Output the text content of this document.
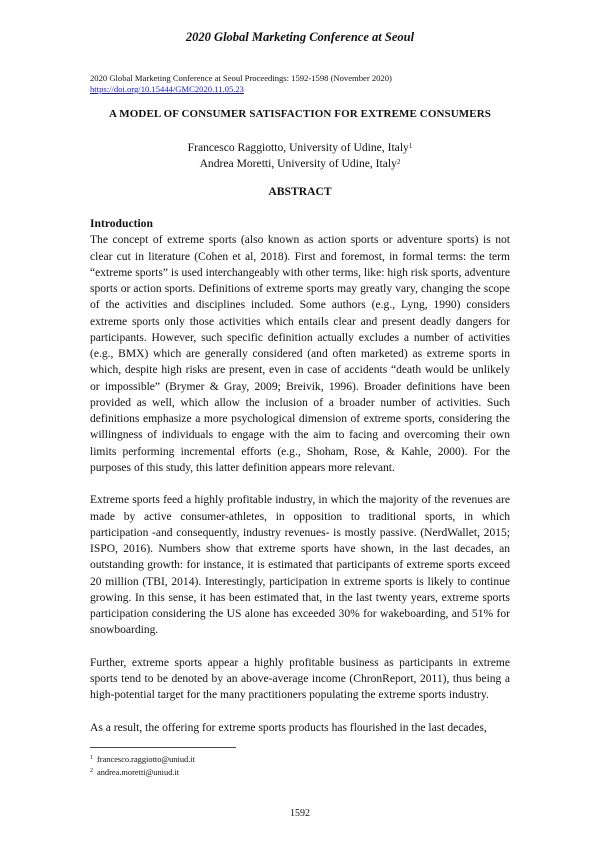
2020 Global Marketing Conference at Seoul
2020 Global Marketing Conference at Seoul Proceedings: 1592-1598 (November 2020)
https://doi.org/10.15444/GMC2020.11.05.23
A MODEL OF CONSUMER SATISFACTION FOR EXTREME CONSUMERS
Francesco Raggiotto, University of Udine, Italy$^1$
Andrea Moretti, University of Udine, Italy$^2$
ABSTRACT
Introduction

The concept of extreme sports (also known as action sports or adventure sports) is not clear cut in literature (Cohen et al, 2018). First and foremost, in formal terms: the term “extreme sports” is used interchangeably with other terms, like: high risk sports, adventure sports or action sports. Definitions of extreme sports may greatly vary, changing the scope of the activities and disciplines included. Some authors (e.g., Lyng, 1990) considers extreme sports only those activities which entails clear and present deadly dangers for participants. However, such specific definition actually excludes a number of activities (e.g., BMX) which are generally considered (and often marketed) as extreme sports in which, despite high risks are present, even in case of accidents “death would be unlikely or impossible” (Brymer & Gray, 2009; Breivik, 1996). Broader definitions have been provided as well, which allow the inclusion of a broader number of activities. Such definitions emphasize a more psychological dimension of extreme sports, considering the willingness of individuals to engage with the aim to facing and overcoming their own limits performing incremental efforts (e.g., Shoham, Rose, & Kahle, 2000). For the purposes of this study, this latter definition appears more relevant.

Extreme sports feed a highly profitable industry, in which the majority of the revenues are made by active consumer-athletes, in opposition to traditional sports, in which participation -and consequently, industry revenues- is mostly passive. (NerdWallet, 2015; ISPO, 2016). Numbers show that extreme sports have shown, in the last decades, an outstanding growth: for instance, it is estimated that participants of extreme sports exceed 20 million (TBI, 2014). Interestingly, participation in extreme sports is likely to continue growing. In this sense, it has been estimated that, in the last twenty years, extreme sports participation considering the US alone has exceeded 30% for wakeboarding, and 51% for snowboarding.

Further, extreme sports appear a highly profitable business as participants in extreme sports tend to be denoted by an above-average income (ChronReport, 2011), thus being a high-potential target for the many practitioners populating the extreme sports industry.

As a result, the offering for extreme sports products has flourished in the last decades,

$^1$ francesco.raggiotto@uniud.it
$^2$ andrea.moretti@uniud.it
1592
